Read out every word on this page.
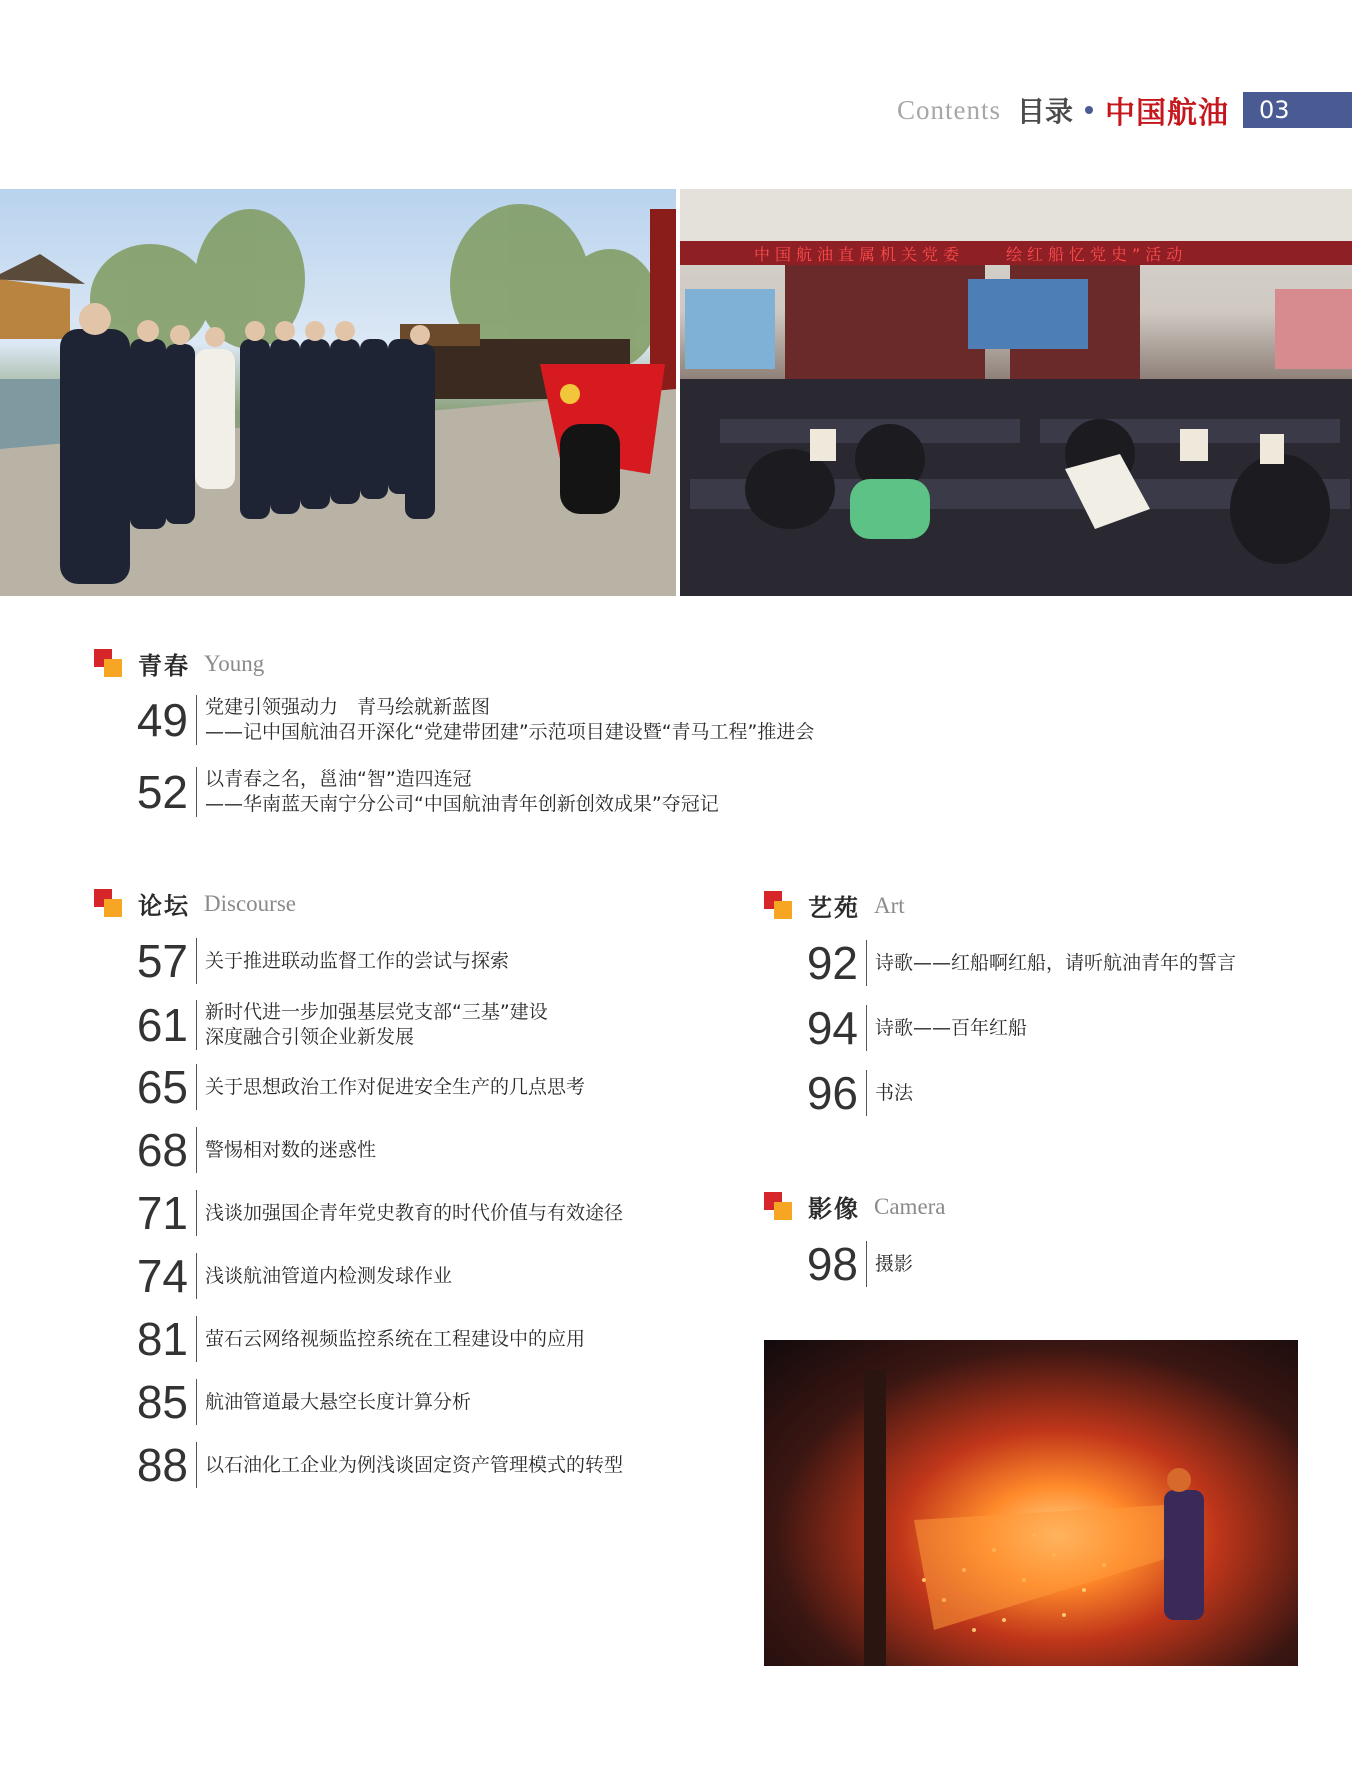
Contents 目录 中国航油	03
中国航油直属机关党委　　绘红船忆党史”活动
青春 Young
49 党建引领强动力　青马绘就新蓝图
——记中国航油召开深化“党建带团建”示范项目建设暨“青马工程”推进会
52 以青春之名，邕油“智”造四连冠
——华南蓝天南宁分公司“中国航油青年创新创效成果”夺冠记
论坛 Discourse
57 关于推进联动监督工作的尝试与探索
61 新时代进一步加强基层党支部“三基”建设
深度融合引领企业新发展
65 关于思想政治工作对促进安全生产的几点思考
68 警惕相对数的迷惑性
71 浅谈加强国企青年党史教育的时代价值与有效途径
74 浅谈航油管道内检测发球作业
81 萤石云网络视频监控系统在工程建设中的应用
85 航油管道最大悬空长度计算分析
88 以石油化工企业为例浅谈固定资产管理模式的转型
艺苑 Art
92 诗歌——红船啊红船，请听航油青年的誓言
94 诗歌——百年红船
96 书法
影像 Camera
98 摄影
